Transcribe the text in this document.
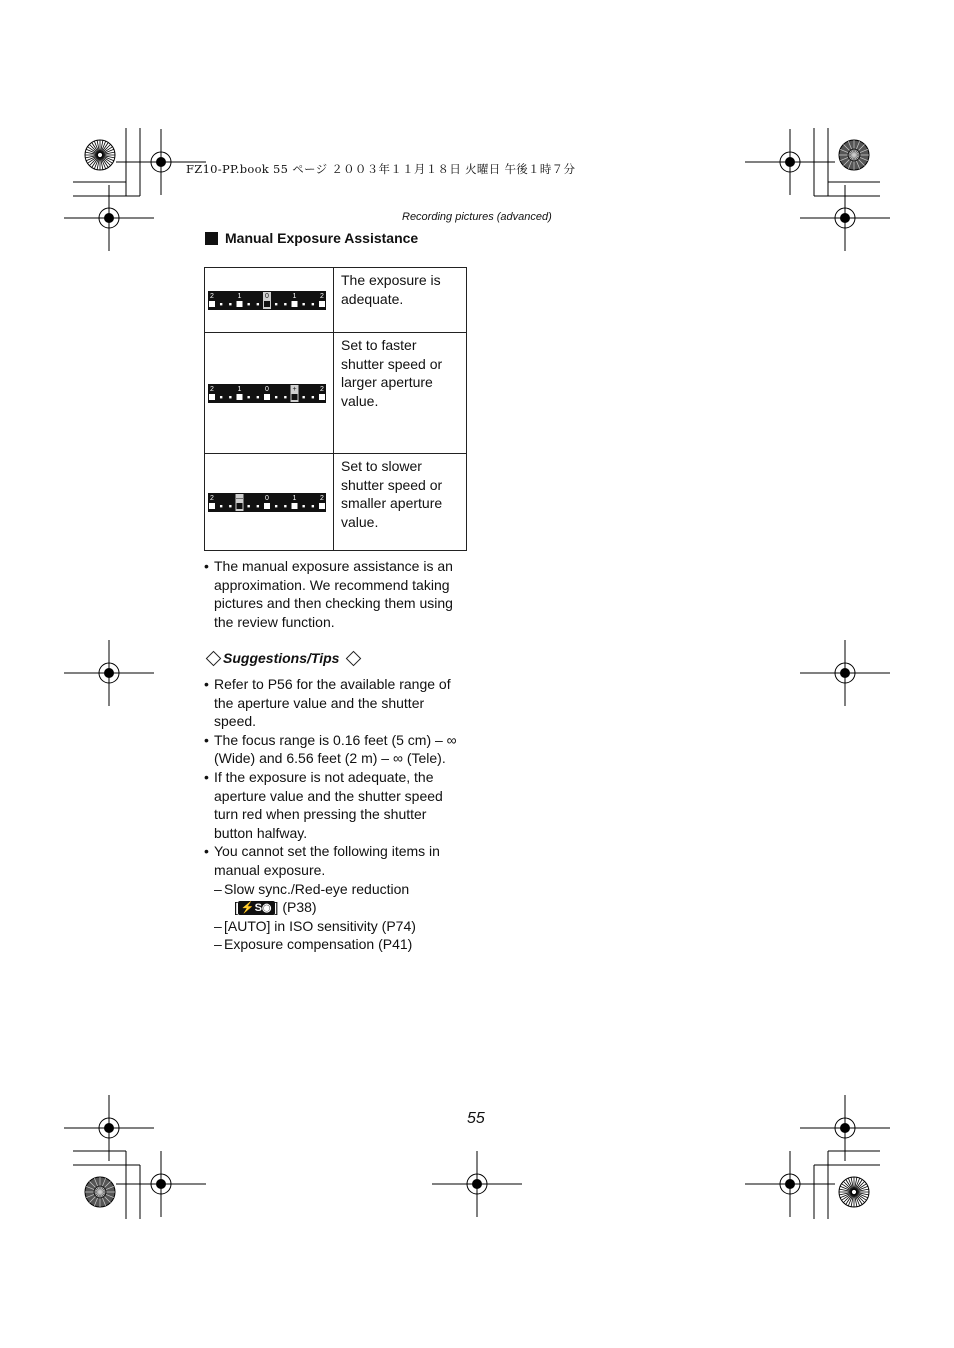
FZ10-PP.book 55 ページ ２００３年１１月１８日 火曜日 午後１時７分
Recording pictures (advanced)
Manual Exposure Assistance
2 1 0 1 2	The exposure is adequate.

2 1 0 + 2	Set to faster shutter speed or larger aperture value.

2 — 0 1 2	Set to slower shutter speed or smaller aperture value.
• The manual exposure assistance is an approximation. We recommend taking pictures and then checking them using the review function.
Suggestions/Tips
• Refer to P56 for the available range of the aperture value and the shutter speed.
• The focus range is 0.16 feet (5 cm) – ∞ (Wide) and 6.56 feet (2 m) – ∞ (Tele).
• If the exposure is not adequate, the aperture value and the shutter speed turn red when pressing the shutter button halfway.
• You cannot set the following items in manual exposure.
– Slow sync./Red-eye reduction
[ ⚡S◉ ] (P38)
– [AUTO] in ISO sensitivity (P74)
– Exposure compensation (P41)
55
